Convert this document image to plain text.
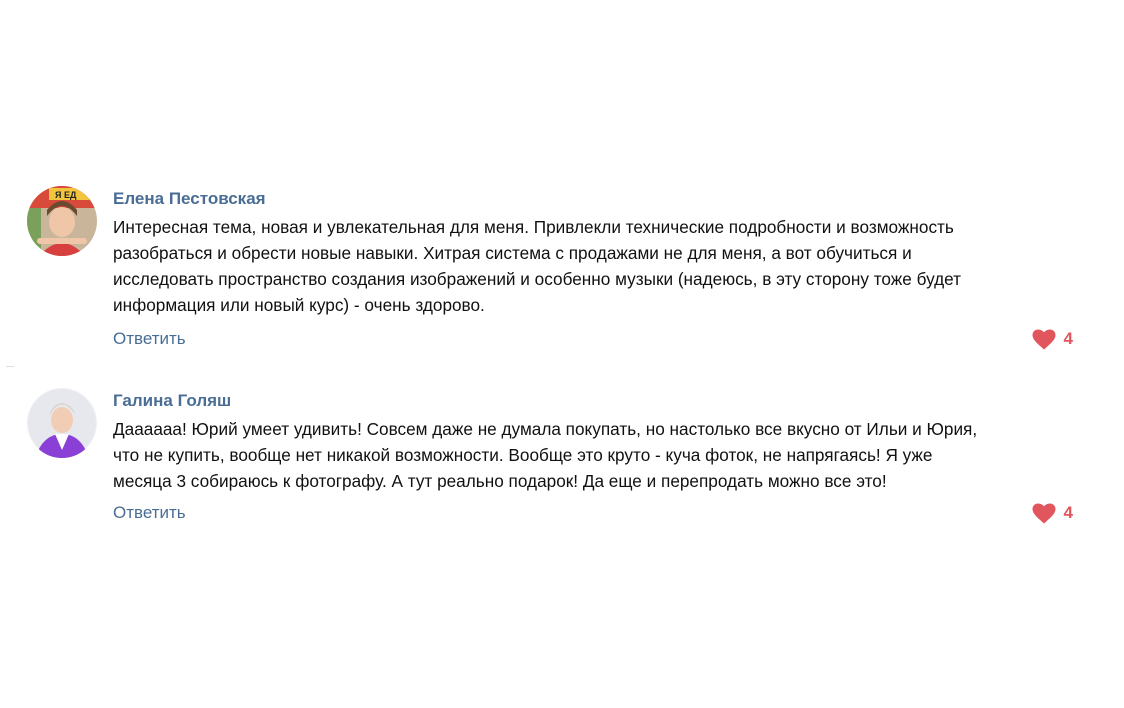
Я ЕД Елена Пестовская

Интересная тема, новая и увлекательная для меня. Привлекли технические подробности и возможность
разобраться и обрести новые навыки. Хитрая система с продажами не для меня, а вот обучиться и
исследовать пространство создания изображений и особенно музыки (надеюсь, в эту сторону тоже будет
информация или новый курс) - очень здорово.

Ответить	4

Галина Голяш

Даааааа! Юрий умеет удивить! Совсем даже не думала покупать, но настолько все вкусно от Ильи и Юрия,
что не купить, вообще нет никакой возможности. Вообще это круто - куча фоток, не напрягаясь! Я уже
месяца 3 собираюсь к фотографу. А тут реально подарок! Да еще и перепродать можно все это!

Ответить	4
